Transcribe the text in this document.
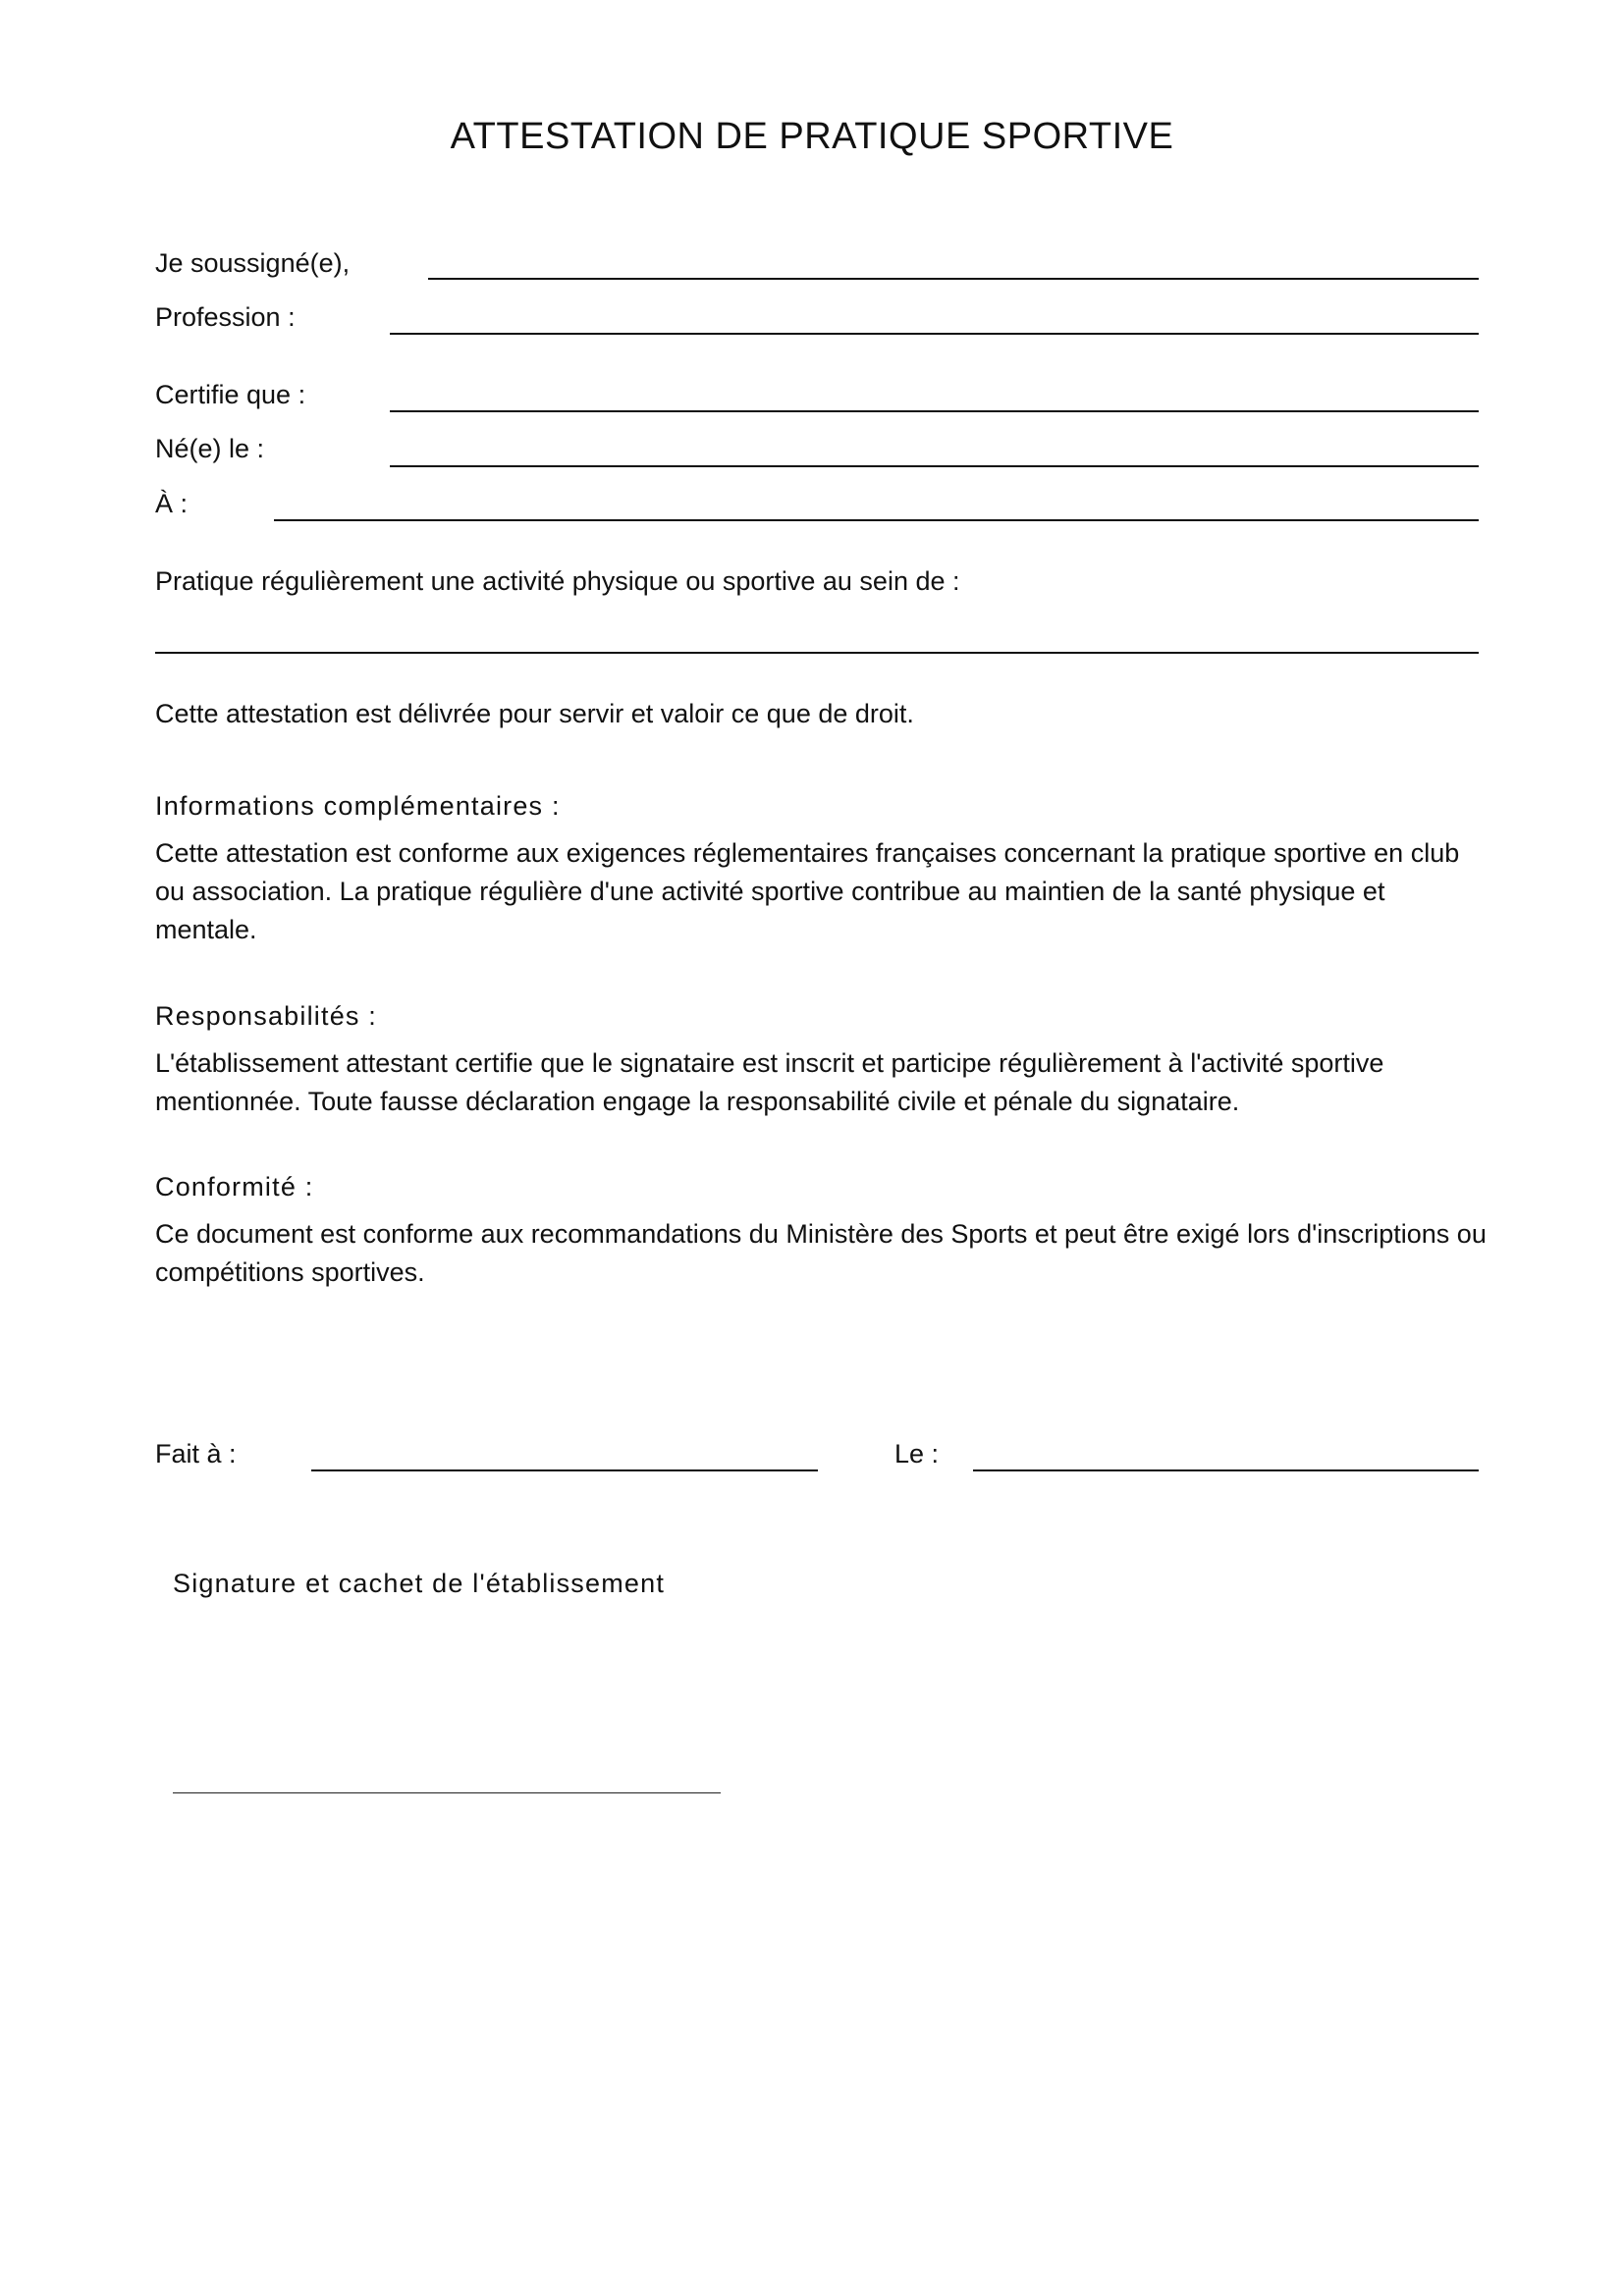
ATTESTATION DE PRATIQUE SPORTIVE
Je soussigné(e),
Profession :
Certifie que :
Né(e) le :
À :
Pratique régulièrement une activité physique ou sportive au sein de :
Cette attestation est délivrée pour servir et valoir ce que de droit.
Informations complémentaires :
Cette attestation est conforme aux exigences réglementaires françaises concernant la pratique sportive en club ou association. La pratique régulière d'une activité sportive contribue au maintien de la santé physique et mentale.
Responsabilités :
L'établissement attestant certifie que le signataire est inscrit et participe régulièrement à l'activité sportive mentionnée. Toute fausse déclaration engage la responsabilité civile et pénale du signataire.
Conformité :
Ce document est conforme aux recommandations du Ministère des Sports et peut être exigé lors d'inscriptions ou compétitions sportives.
Fait à :	Le :
Signature et cachet de l'établissement
